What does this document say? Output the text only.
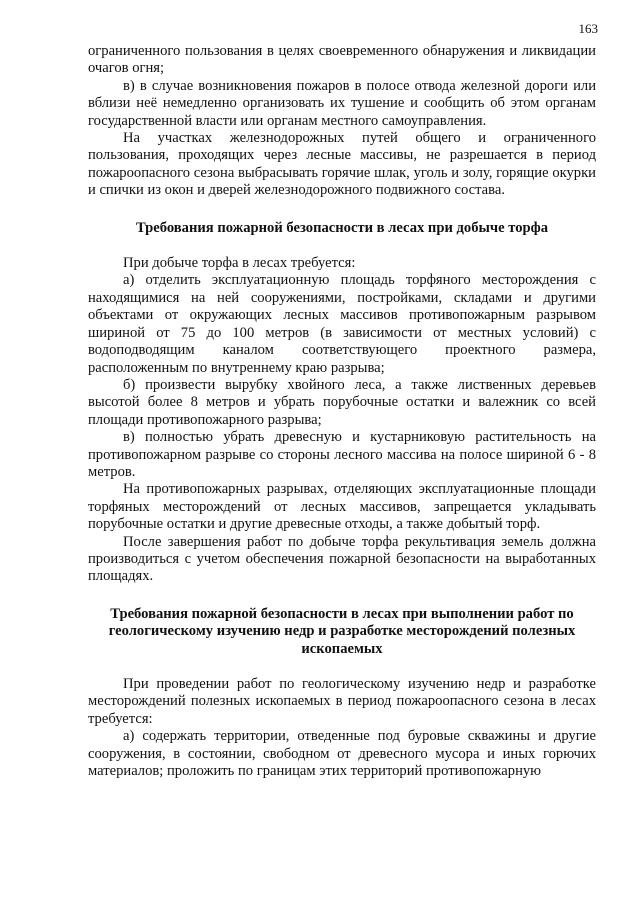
163

ограниченного пользования в целях своевременного обнаружения и ликвидации очагов огня;

в) в случае возникновения пожаров в полосе отвода железной дороги или вблизи неё немедленно организовать их тушение и сообщить об этом органам государственной власти или органам местного самоуправления.

На участках железнодорожных путей общего и ограниченного пользования, проходящих через лесные массивы, не разрешается в период пожароопасного сезона выбрасывать горячие шлак, уголь и золу, горящие окурки и спички из окон и дверей железнодорожного подвижного состава.

Требования пожарной безопасности в лесах при добыче торфа

При добыче торфа в лесах требуется:

а) отделить эксплуатационную площадь торфяного месторождения с находящимися на ней сооружениями, постройками, складами и другими объектами от окружающих лесных массивов противопожарным разрывом шириной от 75 до 100 метров (в зависимости от местных условий) с водоподводящим каналом соответствующего проектного размера, расположенным по внутреннему краю разрыва;

б) произвести вырубку хвойного леса, а также лиственных деревьев высотой более 8 метров и убрать порубочные остатки и валежник со всей площади противопожарного разрыва;

в) полностью убрать древесную и кустарниковую растительность на противопожарном разрыве со стороны лесного массива на полосе шириной 6 - 8 метров.

На противопожарных разрывах, отделяющих эксплуатационные площади торфяных месторождений от лесных массивов, запрещается укладывать порубочные остатки и другие древесные отходы, а также добытый торф.

После завершения работ по добыче торфа рекультивация земель должна производиться с учетом обеспечения пожарной безопасности на выработанных площадях.

Требования пожарной безопасности в лесах при выполнении работ по геологическому изучению недр и разработке месторождений полезных ископаемых

При проведении работ по геологическому изучению недр и разработке месторождений полезных ископаемых в период пожароопасного сезона в лесах требуется:

а) содержать территории, отведенные под буровые скважины и другие сооружения, в состоянии, свободном от древесного мусора и иных горючих материалов; проложить по границам этих территорий противопожарную
